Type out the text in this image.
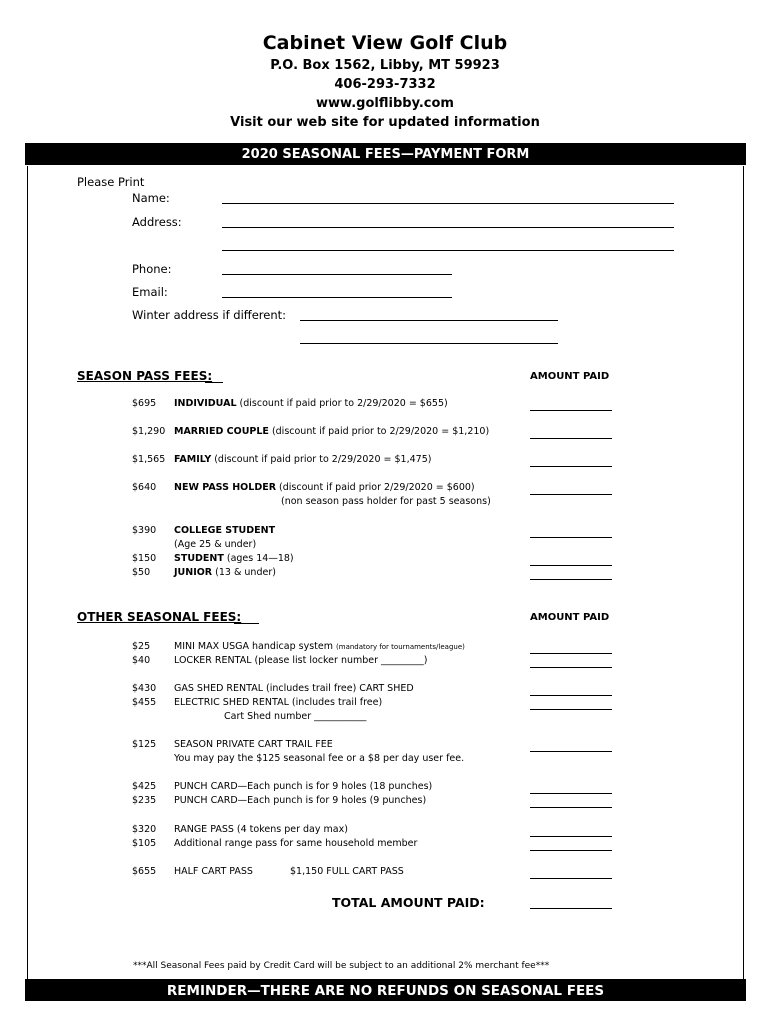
Cabinet View Golf Club
P.O. Box 1562, Libby, MT 59923
406-293-7332
www.golflibby.com
Visit our web site for updated information
2020 SEASONAL FEES—PAYMENT FORM
Please Print
Name:
Address:
Phone:
Email:
Winter address if different:
SEASON PASS FEES:	AMOUNT PAID
$695 INDIVIDUAL (discount if paid prior to 2/29/2020 = $655)
$1,290 MARRIED COUPLE (discount if paid prior to 2/29/2020 = $1,210)
$1,565 FAMILY (discount if paid prior to 2/29/2020 = $1,475)
$640 NEW PASS HOLDER (discount if paid prior 2/29/2020 = $600)
(non season pass holder for past 5 seasons)
$390 COLLEGE STUDENT
(Age 25 & under)
$150 STUDENT (ages 14—18)
$50	JUNIOR (13 & under)
OTHER SEASONAL FEES:	AMOUNT PAID
$25	MINI MAX USGA handicap system (mandatory for tournaments/league)
$40	LOCKER RENTAL (please list locker number _________)
$430 GAS SHED RENTAL (includes trail free) CART SHED
$455 ELECTRIC SHED RENTAL (includes trail free)
Cart Shed number ___________
$125 SEASON PRIVATE CART TRAIL FEE
You may pay the $125 seasonal fee or a $8 per day user fee.
$425 PUNCH CARD—Each punch is for 9 holes (18 punches)
$235 PUNCH CARD—Each punch is for 9 holes (9 punches)
$320 RANGE PASS (4 tokens per day max)
$105 Additional range pass for same household member
$655 HALF CART PASS	$1,150 FULL CART PASS
TOTAL AMOUNT PAID:
***All Seasonal Fees paid by Credit Card will be subject to an additional 2% merchant fee***
REMINDER—THERE ARE NO REFUNDS ON SEASONAL FEES
